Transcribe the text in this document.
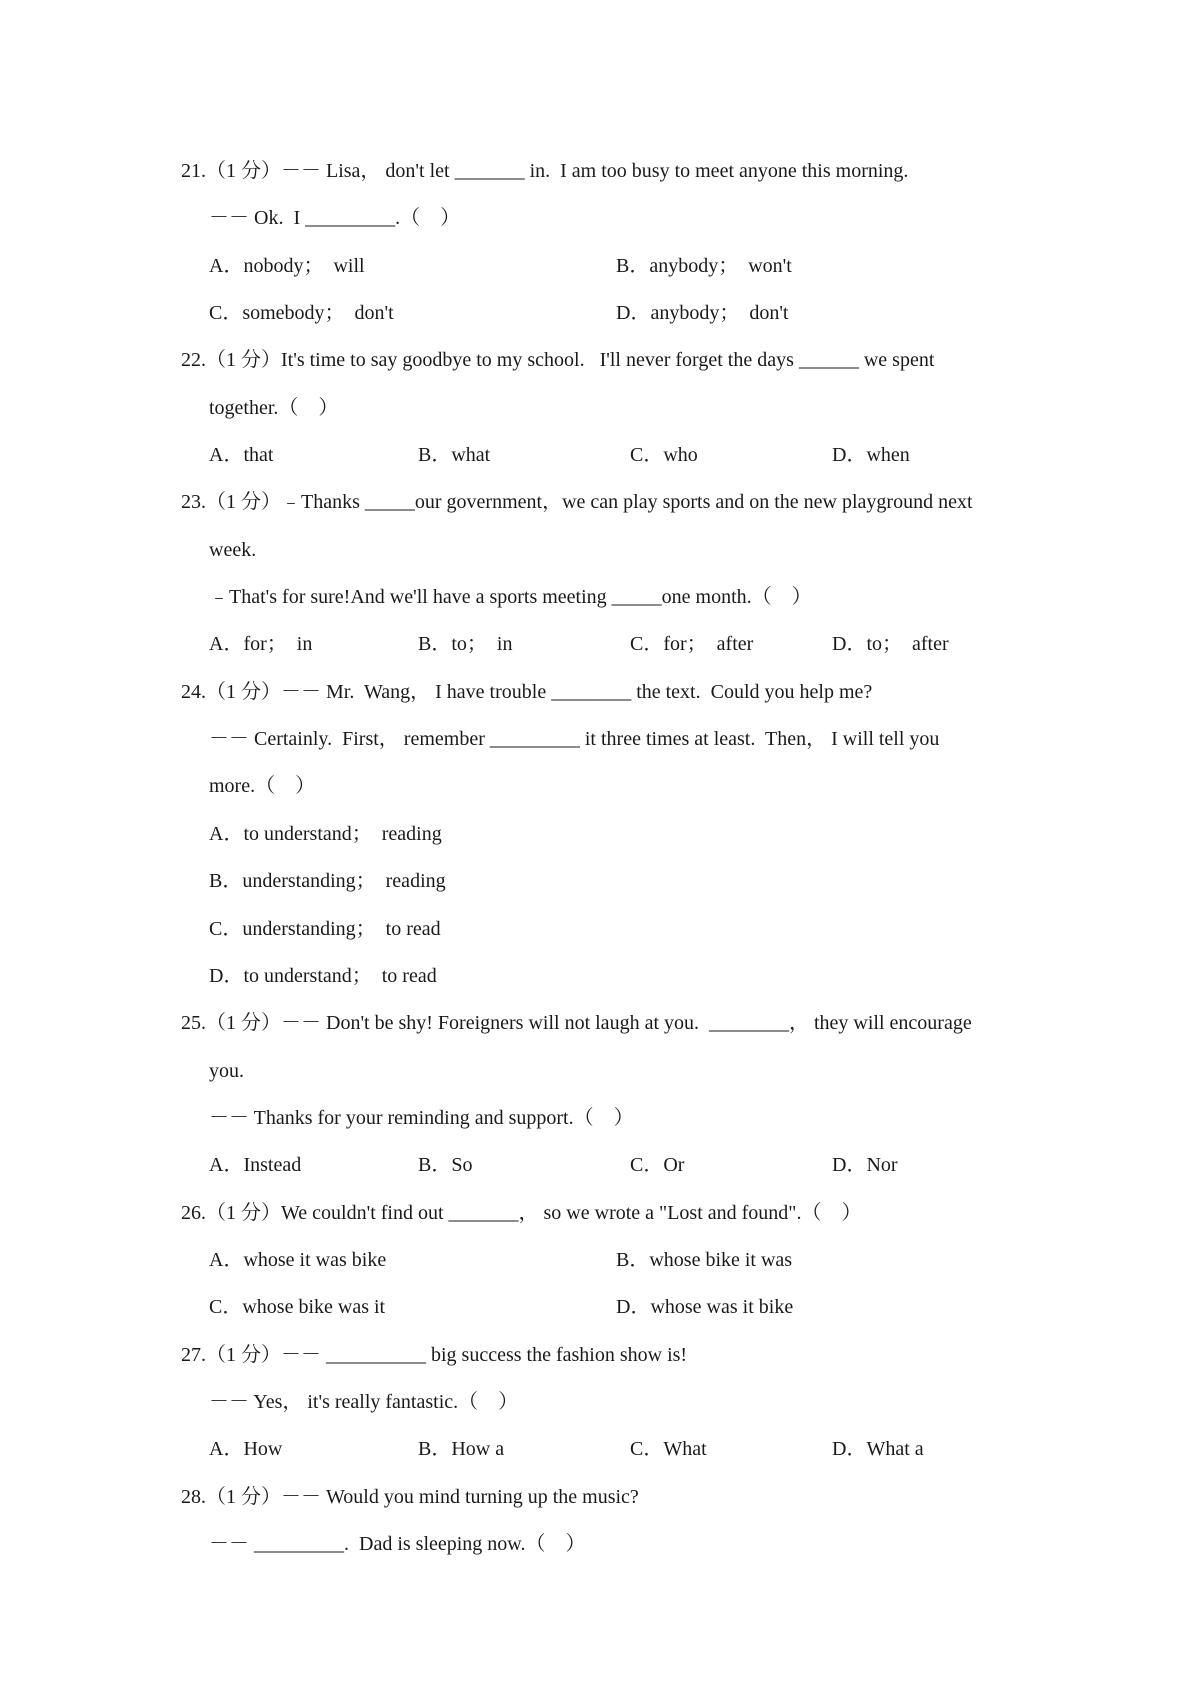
21.（1 分）－－ Lisa， don't let _______ in.  I am too busy to meet anyone this morning.
－－ Ok.  I _________.（    ）
A．nobody；  will	B．anybody；  won't
C．somebody；  don't	D．anybody；  don't
22.（1 分）It's time to say goodbye to my school.   I'll never forget the days ______ we spent
together.（    ）
A．that	B．what	C．who	D．when
23.（1 分）﹣Thanks _____our government，we can play sports and on the new playground next
week.
﹣That's for sure!And we'll have a sports meeting _____one month.（    ）
A．for；  in	B．to；  in	C．for；  after	D．to；  after
24.（1 分）－－ Mr.  Wang， I have trouble ________ the text.  Could you help me?
－－ Certainly.  First， remember _________ it three times at least.  Then， I will tell you
more.（    ）
A．to understand；  reading
B．understanding；  reading
C．understanding；  to read
D．to understand；  to read
25.（1 分）－－ Don't be shy! Foreigners will not laugh at you.  ________， they will encourage
you.
－－ Thanks for your reminding and support.（    ）
A．Instead	B．So	C．Or	D．Nor
26.（1 分）We couldn't find out _______， so we wrote a "Lost and found".（    ）
A．whose it was bike	B．whose bike it was
C．whose bike was it	D．whose was it bike
27.（1 分）－－ __________ big success the fashion show is!
－－ Yes， it's really fantastic.（    ）
A．How	B．How a	C．What	D．What a
28.（1 分）－－ Would you mind turning up the music?
－－ _________.  Dad is sleeping now.（    ）
